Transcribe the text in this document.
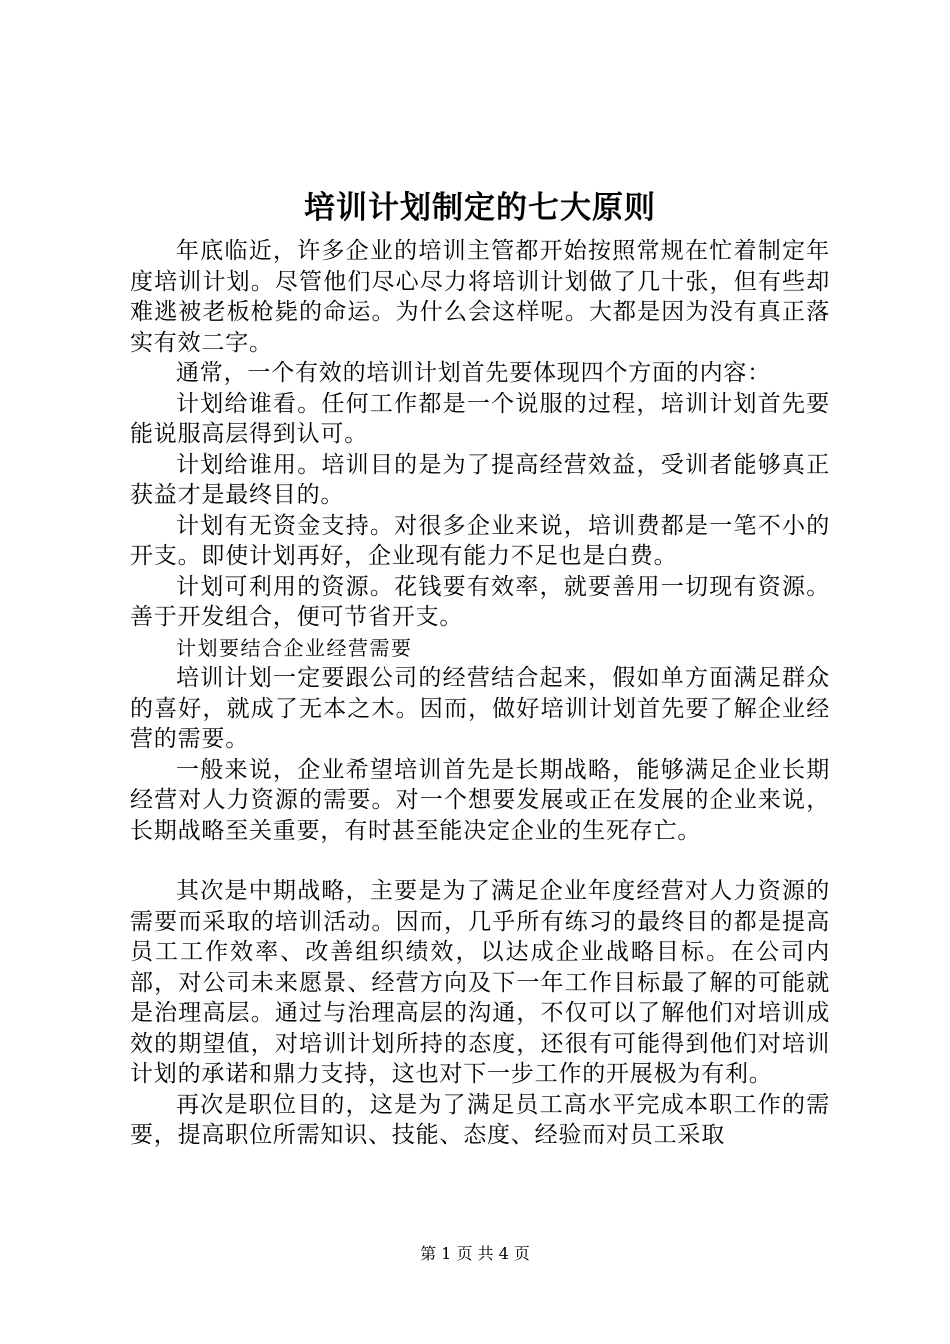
培训计划制定的七大原则

年底临近，许多企业的培训主管都开始按照常规在忙着制定年度培训计划。尽管他们尽心尽力将培训计划做了几十张，但有些却难逃被老板枪毙的命运。为什么会这样呢。大都是因为没有真正落实有效二字。

通常，一个有效的培训计划首先要体现四个方面的内容：

计划给谁看。任何工作都是一个说服的过程，培训计划首先要能说服高层得到认可。

计划给谁用。培训目的是为了提高经营效益，受训者能够真正获益才是最终目的。

计划有无资金支持。对很多企业来说，培训费都是一笔不小的开支。即使计划再好，企业现有能力不足也是白费。

计划可利用的资源。花钱要有效率，就要善用一切现有资源。善于开发组合，便可节省开支。

计划要结合企业经营需要

培训计划一定要跟公司的经营结合起来，假如单方面满足群众的喜好，就成了无本之木。因而，做好培训计划首先要了解企业经营的需要。

一般来说，企业希望培训首先是长期战略，能够满足企业长期经营对人力资源的需要。对一个想要发展或正在发展的企业来说，长期战略至关重要，有时甚至能决定企业的生死存亡。

其次是中期战略，主要是为了满足企业年度经营对人力资源的需要而采取的培训活动。因而，几乎所有练习的最终目的都是提高员工工作效率、改善组织绩效，以达成企业战略目标。在公司内部，对公司未来愿景、经营方向及下一年工作目标最了解的可能就是治理高层。通过与治理高层的沟通，不仅可以了解他们对培训成效的期望值，对培训计划所持的态度，还很有可能得到他们对培训计划的承诺和鼎力支持，这也对下一步工作的开展极为有利。

再次是职位目的，这是为了满足员工高水平完成本职工作的需要，提高职位所需知识、技能、态度、经验而对员工采取

第 1 页 共 4 页
